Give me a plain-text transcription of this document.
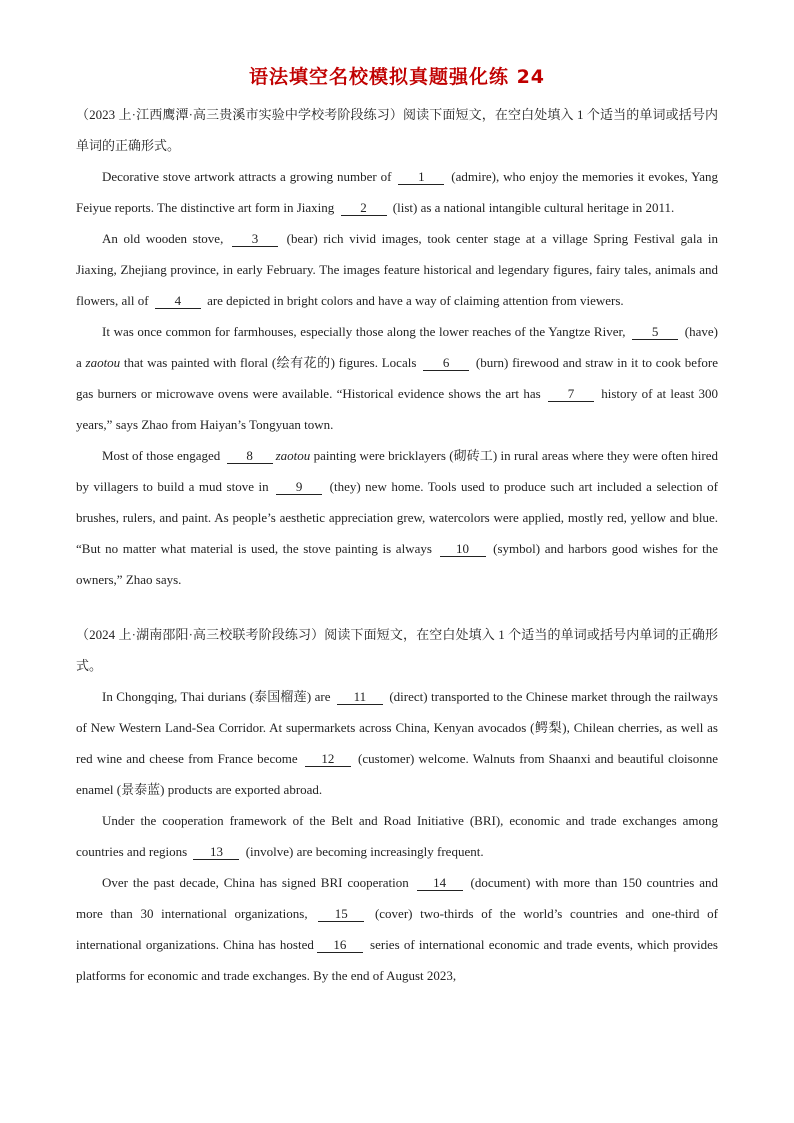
语法填空名校模拟真题强化练 24

（2023 上·江西鹰潭·高三贵溪市实验中学校考阶段练习）阅读下面短文，在空白处填入 1 个适当的单词或括号内单词的正确形式。

Decorative stove artwork attracts a growing number of 1 (admire), who enjoy the memories it evokes, Yang Feiyue reports. The distinctive art form in Jiaxing 2 (list) as a national intangible cultural heritage in 2011.

An old wooden stove, 3 (bear) rich vivid images, took center stage at a village Spring Festival gala in Jiaxing, Zhejiang province, in early February. The images feature historical and legendary figures, fairy tales, animals and flowers, all of 4 are depicted in bright colors and have a way of claiming attention from viewers.

It was once common for farmhouses, especially those along the lower reaches of the Yangtze River, 5 (have) a zaotou that was painted with floral (绘有花的) figures. Locals 6 (burn) firewood and straw in it to cook before gas burners or microwave ovens were available. “Historical evidence shows the art has 7 history of at least 300 years,” says Zhao from Haiyan’s Tongyuan town.

Most of those engaged 8 zaotou painting were bricklayers (砌砖工) in rural areas where they were often hired by villagers to build a mud stove in 9 (they) new home. Tools used to produce such art included a selection of brushes, rulers, and paint. As people’s aesthetic appreciation grew, watercolors were applied, mostly red, yellow and blue. “But no matter what material is used, the stove painting is always 10 (symbol) and harbors good wishes for the owners,” Zhao says.

（2024 上·湖南邵阳·高三校联考阶段练习）阅读下面短文，在空白处填入 1 个适当的单词或括号内单词的正确形式。

In Chongqing, Thai durians (泰国榴莲) are 11 (direct) transported to the Chinese market through the railways of New Western Land-Sea Corridor. At supermarkets across China, Kenyan avocados (鳄梨), Chilean cherries, as well as red wine and cheese from France become 12 (customer) welcome. Walnuts from Shaanxi and beautiful cloisonne enamel (景泰蓝) products are exported abroad.

Under the cooperation framework of the Belt and Road Initiative (BRI), economic and trade exchanges among countries and regions 13 (involve) are becoming increasingly frequent.

Over the past decade, China has signed BRI cooperation 14 (document) with more than 150 countries and more than 30 international organizations, 15 (cover) two-thirds of the world’s countries and one-third of international organizations. China has hosted 16 series of international economic and trade events, which provides platforms for economic and trade exchanges. By the end of August 2023,
